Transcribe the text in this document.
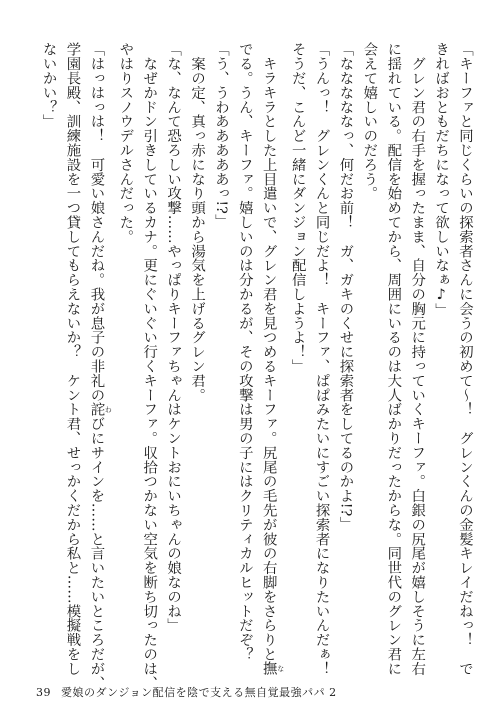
「キーファと同じくらいの探索者さんに会うの初めて〜！　グレンくんの金髪キレイだねっ！　で
きればおともだちになって欲しいなぁ♪」
　グレン君の右手を握ったまま、自分の胸元に持っていくキーファ。白銀の尻尾が嬉しそうに左右
に揺れている。配信を始めてから、周囲にいるのは大人ばかりだったからな。同世代のグレン君に
会えて嬉しいのだろう。
「なななななっ、何だお前！　ガ、ガキのくせに探索者をしてるのかよ!?」
「うんっ！　グレンくんと同じだよ！　キーファ、ぱぱみたいにすごい探索者になりたいんだぁ！
そうだ、こんど一緒にダンジョン配信しようよ！」
　キラキラとした上目遣いで、グレン君を見つめるキーファ。尻尾の毛先が彼の右脚をさらりと撫 な
でる。うん、キーファ。嬉しいのは分かるが、その攻撃は男の子にはクリティカルヒットだぞ？
「う、うわあああああっ!?」
　案の定、真っ赤になり頭から湯気を上げるグレン君。
「な、なんて恐ろしい攻撃……やっぱりキーファちゃんはケントおにいちゃんの娘なのね」
　なぜかドン引きしているカナ。更にぐいぐい行くキーファ。収拾つかない空気を断ち切ったのは、
やはりスノウデルさんだった。
「はっはっは！　可愛い娘さんだね。我が息子の非礼の詫 わびにサインを……と言いたいところだが、
学園長殿、訓練施設を一つ貸してもらえないか？　ケント君、せっかくだから私と……模擬戦をし
ないかい？」
39 愛娘のダンジョン配信を陰で支える無自覚最強パパ 2
